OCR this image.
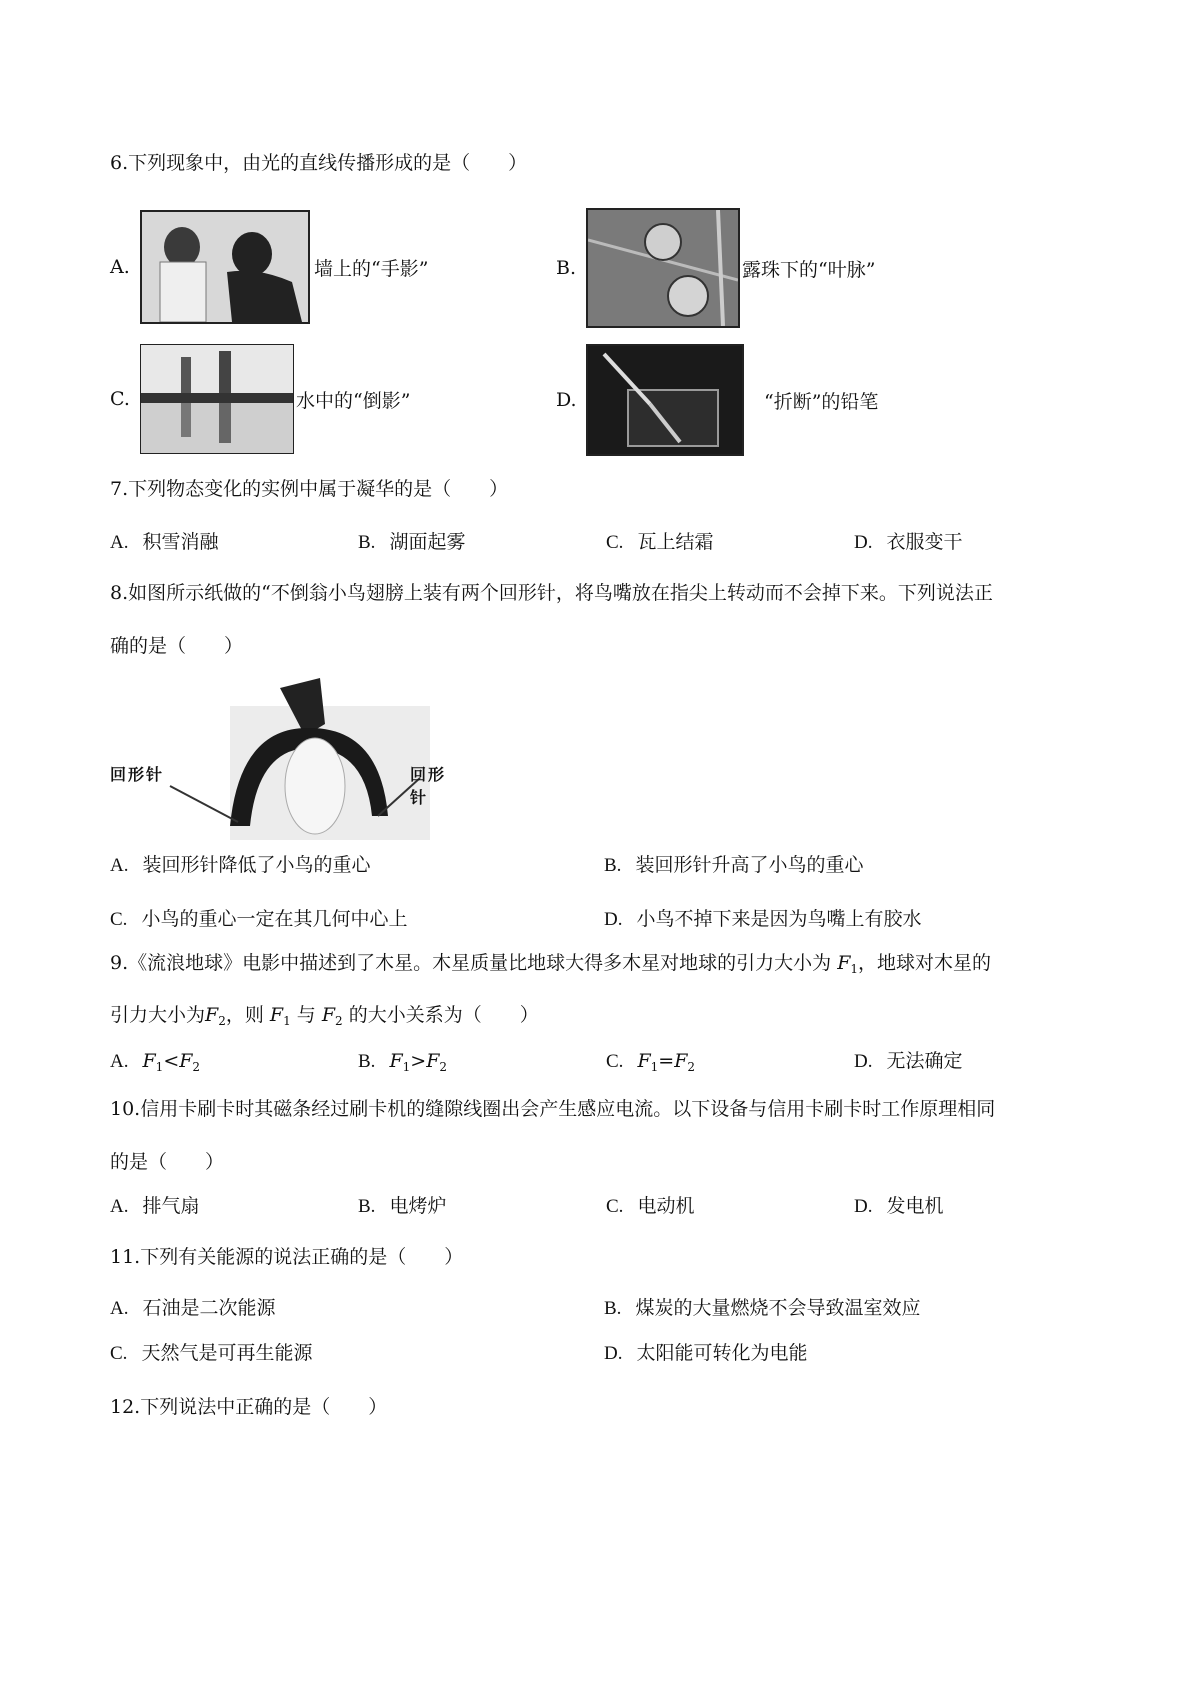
6.下列现象中，由光的直线传播形成的是（　　）

A.	墙上的“手影”	B.	露珠下的“叶脉”
C.	水中的“倒影”	D.	“折断”的铅笔

7.下列物态变化的实例中属于凝华的是（　　）

A. 积雪消融	B. 湖面起雾	C. 瓦上结霜	D. 衣服变干

8.如图所示纸做的“不倒翁小鸟翅膀上装有两个回形针，将鸟嘴放在指尖上转动而不会掉下来。下列说法正

确的是（　　）

回形针	回形针
A. 装回形针降低了小鸟的重心	B. 装回形针升高了小鸟的重心
C. 小鸟的重心一定在其几何中心上	D. 小鸟不掉下来是因为鸟嘴上有胶水

9.《流浪地球》电影中描述到了木星。木星质量比地球大得多木星对地球的引力大小为 $F_1$，地球对木星的

引力大小为$F_2$，则 $F_1$ 与 $F_2$ 的大小关系为（　　）

A. $F_1<F_2$	B. $F_1>F_2$	C. $F_1=F_2$	D. 无法确定

10.信用卡刷卡时其磁条经过刷卡机的缝隙线圈出会产生感应电流。以下设备与信用卡刷卡时工作原理相同

的是（　　）

A. 排气扇	B. 电烤炉	C. 电动机	D. 发电机

11.下列有关能源的说法正确的是（　　）

A. 石油是二次能源	B. 煤炭的大量燃烧不会导致温室效应
C. 天然气是可再生能源	D. 太阳能可转化为电能

12.下列说法中正确的是（　　）
